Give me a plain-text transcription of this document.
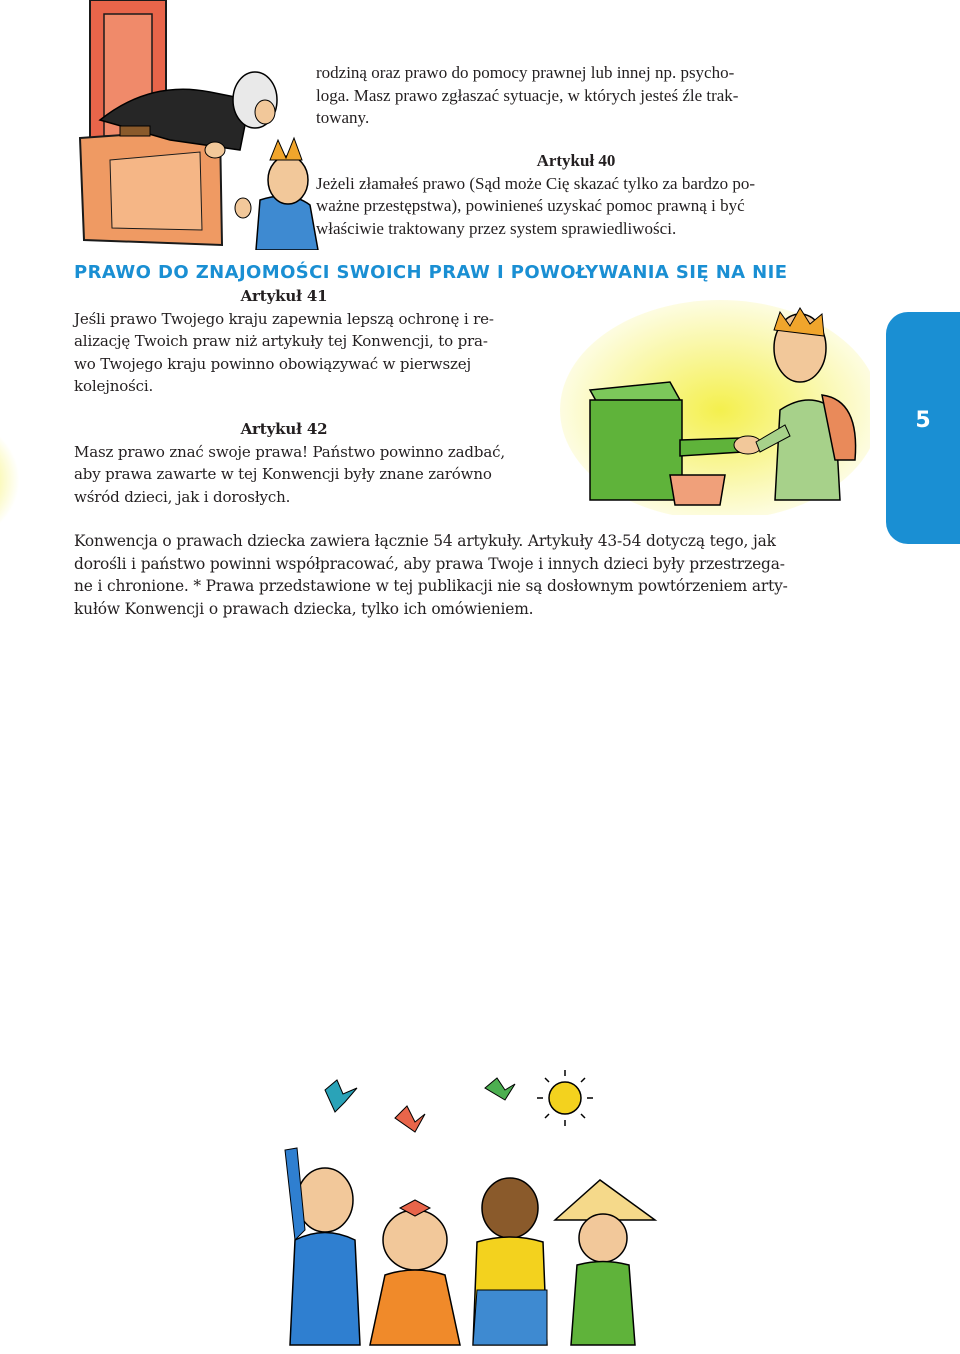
rodziną oraz prawo do pomocy prawnej lub innej np. psycho-
loga. Masz prawo zgłaszać sytuacje, w których jesteś źle trak-
towany.
Artykuł 40
Jeżeli złamałeś prawo (Sąd może Cię skazać tylko za bardzo po-
ważne przestępstwa), powinieneś uzyskać pomoc prawną i być
właściwie traktowany przez system sprawiedliwości.
PRAWO DO ZNAJOMOŚCI SWOICH PRAW I POWOŁYWANIA SIĘ NA NIE
Artykuł 41
Jeśli prawo Twojego kraju zapewnia lepszą ochronę i re-
alizację Twoich praw niż artykuły tej Konwencji, to pra-
wo Twojego kraju powinno obowiązywać w pierwszej
kolejności.
Artykuł 42
Masz prawo znać swoje prawa! Państwo powinno zadbać,
aby prawa zawarte w tej Konwencji były znane zarówno
wśród dzieci, jak i dorosłych.
5
Konwencja o prawach dziecka zawiera łącznie 54 artykuły. Artykuły 43-54 dotyczą tego, jak
dorośli i państwo powinni współpracować, aby prawa Twoje i innych dzieci były przestrzega-
ne i chronione. * Prawa przedstawione w tej publikacji nie są dosłownym powtórzeniem arty-
kułów Konwencji o prawach dziecka, tylko ich omówieniem.
